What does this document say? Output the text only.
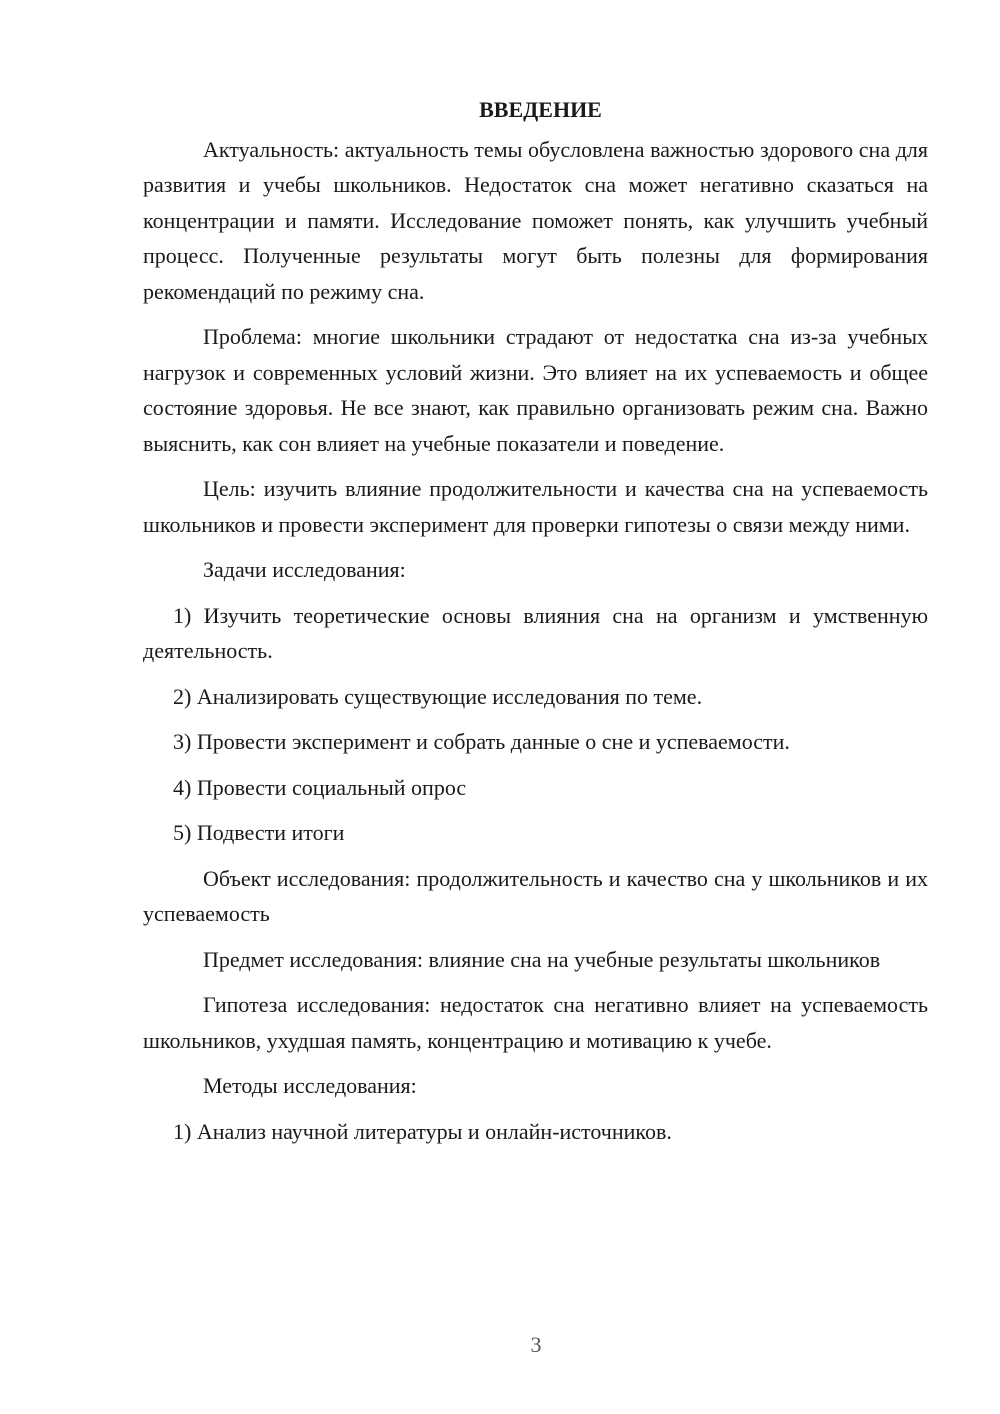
ВВЕДЕНИЕ

Актуальность: актуальность темы обусловлена важностью здорового сна для развития и учебы школьников. Недостаток сна может негативно сказаться на концентрации и памяти. Исследование поможет понять, как улучшить учебный процесс. Полученные результаты могут быть полезны для формирования рекомендаций по режиму сна.

Проблема: многие школьники страдают от недостатка сна из-за учебных нагрузок и современных условий жизни. Это влияет на их успеваемость и общее состояние здоровья. Не все знают, как правильно организовать режим сна. Важно выяснить, как сон влияет на учебные показатели и поведение.

Цель: изучить влияние продолжительности и качества сна на успеваемость школьников и провести эксперимент для проверки гипотезы о связи между ними.

Задачи исследования:

1) Изучить теоретические основы влияния сна на организм и умственную деятельность.

2) Анализировать существующие исследования по теме.

3) Провести эксперимент и собрать данные о сне и успеваемости.

4) Провести социальный опрос

5) Подвести итоги

Объект исследования: продолжительность и качество сна у школьников и их успеваемость

Предмет исследования: влияние сна на учебные результаты школьников

Гипотеза исследования: недостаток сна негативно влияет на успеваемость школьников, ухудшая память, концентрацию и мотивацию к учебе.

Методы исследования:

1) Анализ научной литературы и онлайн-источников.

3
